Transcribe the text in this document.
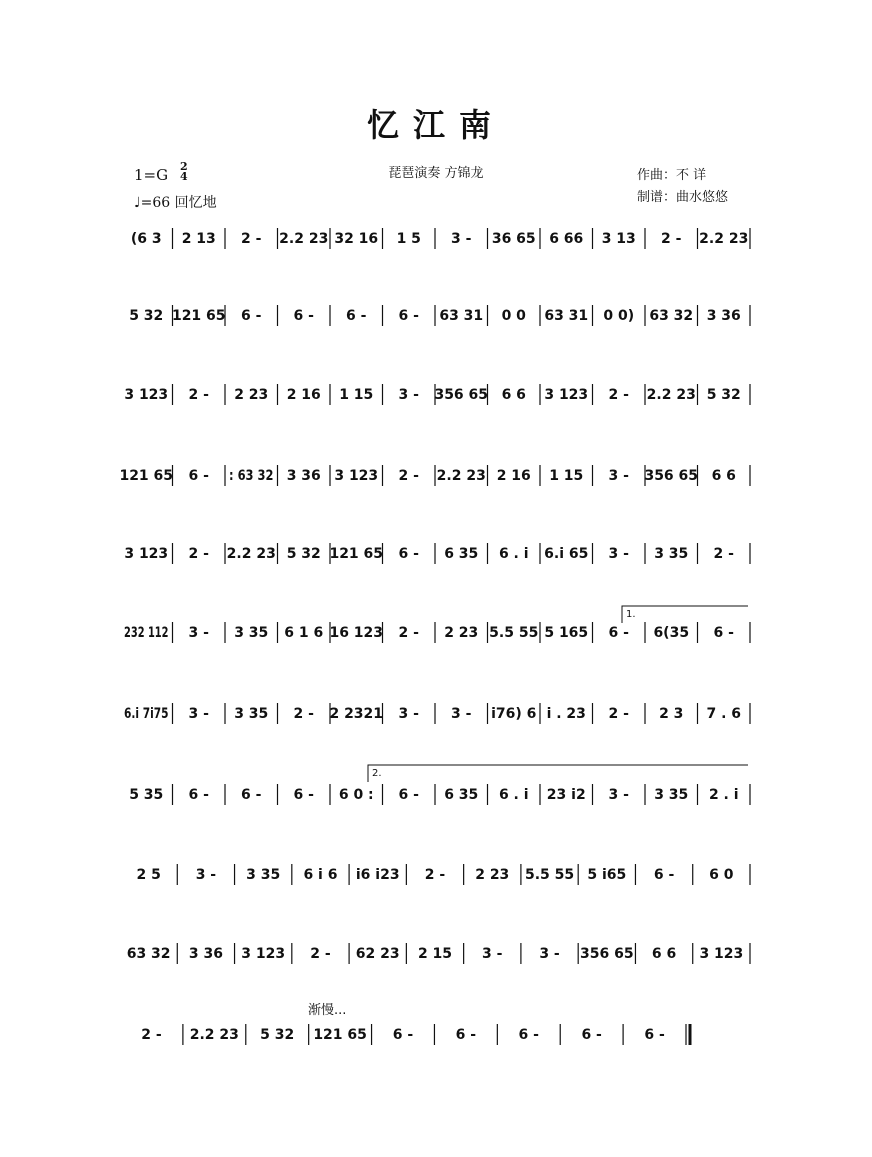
忆江南
琵琶演奏 方锦龙
1=G 2
4
♩=66 回忆地
作曲：不 详
制谱：曲水悠悠
(6 3 2 13 2 - 2.2 23 32 16 1 5 3 - 36 65 6 66 3 13 2 - 2.2 23
5 32 121 65 6 - 6 - 6 - 6 - 63 31 0 0 63 31 0 0) 63 32 3 36
3 123 2 - 2 23 2 16 1 15 3 - 356 65 6 6 3 123 2 - 2.2 23 5 32
121 65 6 - : 63 32 3 36 3 123 2 - 2.2 23 2 16 1 15 3 - 356 65 6 6
3 123 2 - 2.2 23 5 32 121 65 6 - 6 35 6 . i 6.i 65 3 - 3 35 2 -
232 112 3 - 3 35 6 1 6 16 123 2 - 2 23 5.5 55 5 165 6 - 6(35 6 -
6.i 7i75 3 - 3 35 2 - 2 2321 3 - 3 - i76) 6 i . 23 2 - 2 3 7 . 6
5 35 6 - 6 - 6 - 6 0 : 6 - 6 35 6 . i 23 i2 3 - 3 35 2 . i
2 5 3 - 3 35 6 i 6 i6 i23 2 - 2 23 5.5 55 5 i65 6 - 6 0
63 32 3 36 3 123 2 - 62 23 2 15 3 -	3 - 356 65 6 6 3 123
2 - 2.2 23 5 32 121 65 6 -	6 -	6 -	6 -	6 -
1.
2.
渐慢...
